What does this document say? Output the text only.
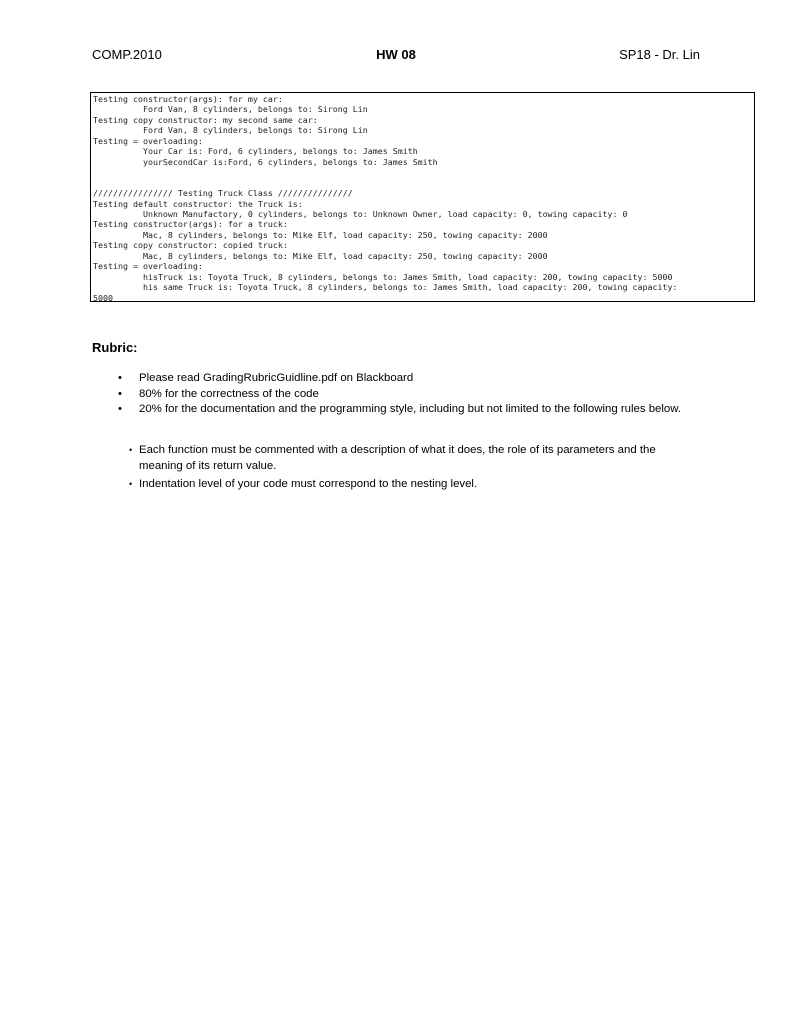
COMP.2010	HW 08	SP18 - Dr. Lin
Testing constructor(args): for my car:
Ford Van, 8 cylinders, belongs to: Sirong Lin
Testing copy constructor: my second same car:
Ford Van, 8 cylinders, belongs to: Sirong Lin
Testing = overloading:
Your Car is: Ford, 6 cylinders, belongs to: James Smith
yourSecondCar is:Ford, 6 cylinders, belongs to: James Smith

//////////////// Testing Truck Class ///////////////
Testing default constructor: the Truck is:
Unknown Manufactory, 0 cylinders, belongs to: Unknown Owner, load capacity: 0, towing capacity: 0
Testing constructor(args): for a truck:
Mac, 8 cylinders, belongs to: Mike Elf, load capacity: 250, towing capacity: 2000
Testing copy constructor: copied truck:
Mac, 8 cylinders, belongs to: Mike Elf, load capacity: 250, towing capacity: 2000
Testing = overloading:
hisTruck is: Toyota Truck, 8 cylinders, belongs to: James Smith, load capacity: 200, towing capacity: 5000
his same Truck is: Toyota Truck, 8 cylinders, belongs to: James Smith, load capacity: 200, towing capacity:
5000
Rubric:
• Please read GradingRubricGuidline.pdf on Blackboard
• 80% for the correctness of the code
• 20% for the documentation and the programming style, including but not limited to the following rules below.
• Each function must be commented with a description of what it does, the role of its parameters and the meaning of its return value.
• Indentation level of your code must correspond to the nesting level.
